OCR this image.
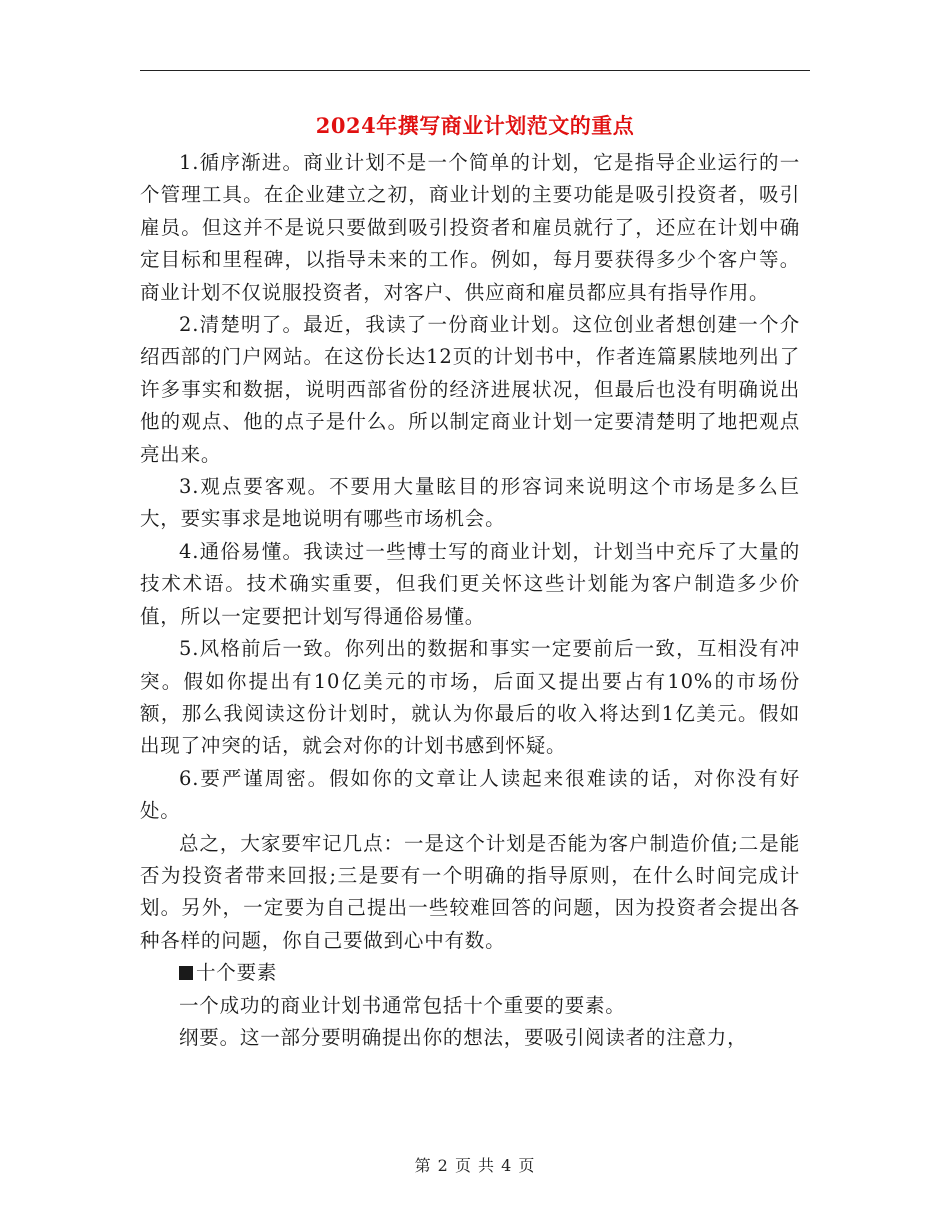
2024年撰写商业计划范文的重点

1.循序渐进。商业计划不是一个简单的计划，它是指导企业运行的一个管理工具。在企业建立之初，商业计划的主要功能是吸引投资者，吸引雇员。但这并不是说只要做到吸引投资者和雇员就行了，还应在计划中确定目标和里程碑，以指导未来的工作。例如，每月要获得多少个客户等。商业计划不仅说服投资者，对客户、供应商和雇员都应具有指导作用。

2.清楚明了。最近，我读了一份商业计划。这位创业者想创建一个介绍西部的门户网站。在这份长达12页的计划书中，作者连篇累牍地列出了许多事实和数据，说明西部省份的经济进展状况，但最后也没有明确说出他的观点、他的点子是什么。所以制定商业计划一定要清楚明了地把观点亮出来。

3.观点要客观。不要用大量眩目的形容词来说明这个市场是多么巨大，要实事求是地说明有哪些市场机会。

4.通俗易懂。我读过一些博士写的商业计划，计划当中充斥了大量的技术术语。技术确实重要，但我们更关怀这些计划能为客户制造多少价值，所以一定要把计划写得通俗易懂。

5.风格前后一致。你列出的数据和事实一定要前后一致，互相没有冲突。假如你提出有10亿美元的市场，后面又提出要占有10%的市场份额，那么我阅读这份计划时，就认为你最后的收入将达到1亿美元。假如出现了冲突的话，就会对你的计划书感到怀疑。

6.要严谨周密。假如你的文章让人读起来很难读的话，对你没有好处。

总之，大家要牢记几点：一是这个计划是否能为客户制造价值;二是能否为投资者带来回报;三是要有一个明确的指导原则，在什么时间完成计划。另外，一定要为自己提出一些较难回答的问题，因为投资者会提出各种各样的问题，你自己要做到心中有数。

十个要素

一个成功的商业计划书通常包括十个重要的要素。

纲要。这一部分要明确提出你的想法，要吸引阅读者的注意力，

第 2 页 共 4 页
